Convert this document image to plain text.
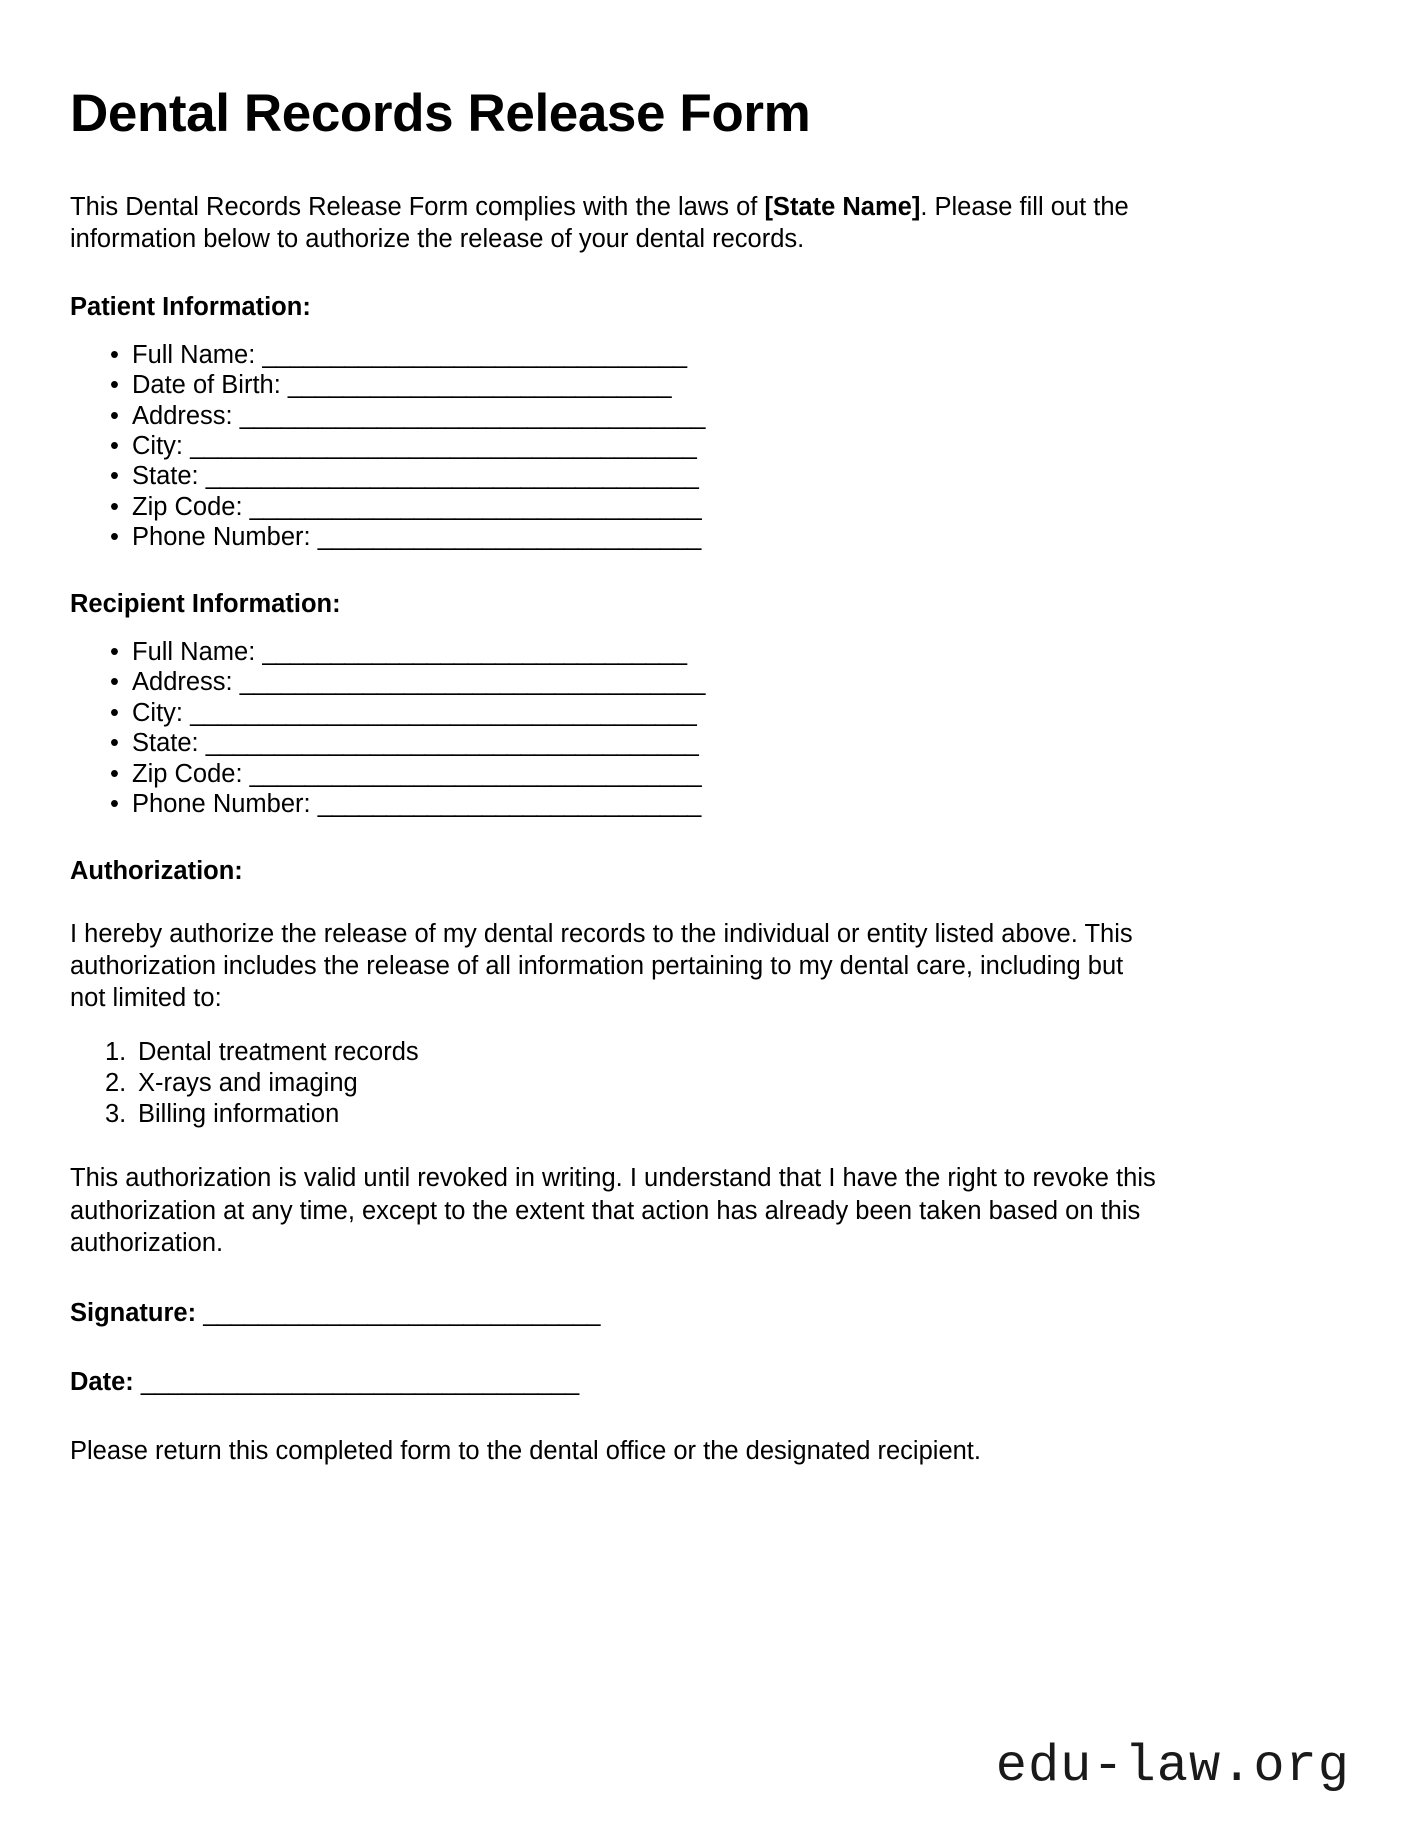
Dental Records Release Form

This Dental Records Release Form complies with the laws of [State Name]. Please fill out the information below to authorize the release of your dental records.

Patient Information:
• Full Name: _______________________________
• Date of Birth: ____________________________
• Address: __________________________________
• City: _____________________________________
• State: ____________________________________
• Zip Code: _________________________________
• Phone Number: ____________________________
Recipient Information:
• Full Name: _______________________________
• Address: __________________________________
• City: _____________________________________
• State: ____________________________________
• Zip Code: _________________________________
• Phone Number: ____________________________
Authorization:

I hereby authorize the release of my dental records to the individual or entity listed above. This authorization includes the release of all information pertaining to my dental care, including but not limited to:

1. Dental treatment records
2. X-rays and imaging
3. Billing information

This authorization is valid until revoked in writing. I understand that I have the right to revoke this authorization at any time, except to the extent that action has already been taken based on this authorization.

Signature: _____________________________

Date: ________________________________

Please return this completed form to the dental office or the designated recipient.

edu-law.org
